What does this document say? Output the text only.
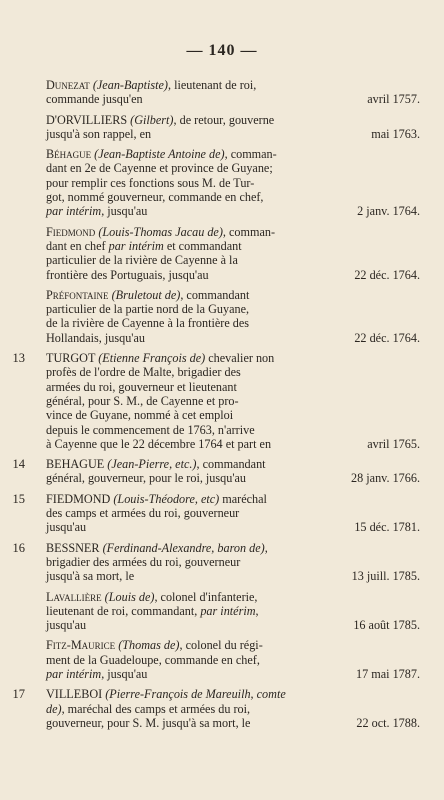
— 140 —
Dunezat (Jean-Baptiste), lieutenant de roi,
commande jusqu'en	avril 1757.
D'ORVILLIERS (Gilbert), de retour, gouverne
jusqu'à son rappel, en	mai 1763.
Béhague (Jean-Baptiste Antoine de), comman-
dant en 2e de Cayenne et province de Guyane;
pour remplir ces fonctions sous M. de Tur-
got, nommé gouverneur, commande en chef,
par intérim, jusqu'au	2 janv. 1764.
Fiedmond (Louis-Thomas Jacau de), comman-
dant en chef par intérim et commandant
particulier de la rivière de Cayenne à la
frontière des Portuguais, jusqu'au	22 déc. 1764.
Préfontaine (Bruletout de), commandant
particulier de la partie nord de la Guyane,
de la rivière de Cayenne à la frontière des
Hollandais, jusqu'au	22 déc. 1764.
13 TURGOT (Etienne François de) chevalier non
profès de l'ordre de Malte, brigadier des
armées du roi, gouverneur et lieutenant
général, pour S. M., de Cayenne et pro-
vince de Guyane, nommé à cet emploi
depuis le commencement de 1763, n'arrive
à Cayenne que le 22 décembre 1764 et part en	avril 1765.
14 BEHAGUE (Jean-Pierre, etc.), commandant
général, gouverneur, pour le roi, jusqu'au	28 janv. 1766.
15 FIEDMOND (Louis-Théodore, etc) maréchal
des camps et armées du roi, gouverneur
jusqu'au	15 déc. 1781.
16 BESSNER (Ferdinand-Alexandre, baron de),
brigadier des armées du roi, gouverneur
jusqu'à sa mort, le	13 juill. 1785.
Lavallière (Louis de), colonel d'infanterie,
lieutenant de roi, commandant, par intérim,
jusqu'au	16 août 1785.
Fitz-Maurice (Thomas de), colonel du régi-
ment de la Guadeloupe, commande en chef,
par intérim, jusqu'au	17 mai 1787.
17 VILLEBOI (Pierre-François de Mareuilh, comte
de), maréchal des camps et armées du roi,
gouverneur, pour S. M. jusqu'à sa mort, le	22 oct. 1788.
